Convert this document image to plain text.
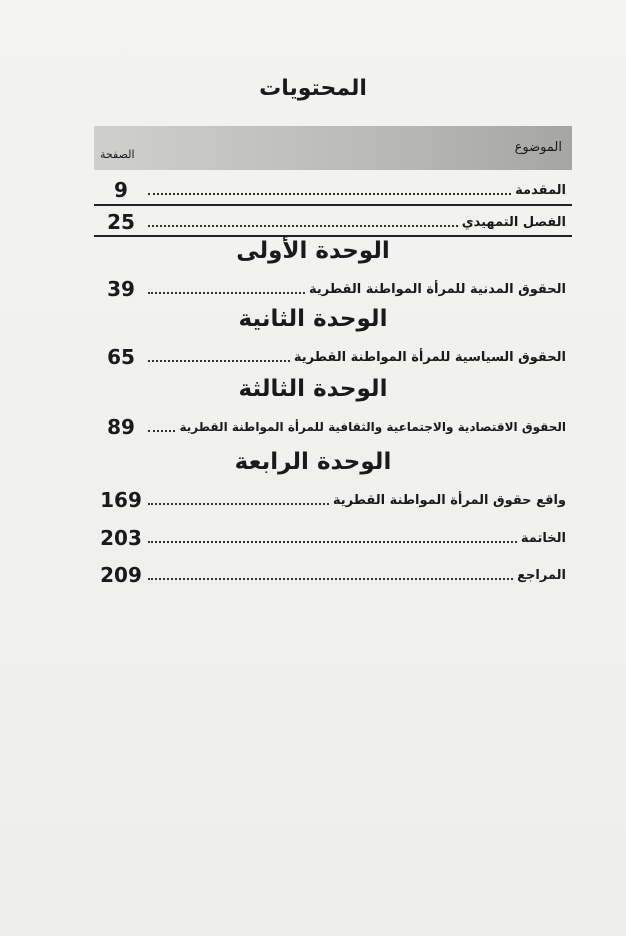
المحتويات
الموضوع
الصفحة
المقدمة
9
الفصل التمهيدي
25
الوحدة الأولى
الحقوق المدنية للمرأة المواطنة القطرية
39
الوحدة الثانية
الحقوق السياسية للمرأة المواطنة القطرية
65
الوحدة الثالثة
الحقوق الاقتصادية والاجتماعية والثقافية للمرأة المواطنة القطرية
89
الوحدة الرابعة
واقع حقوق المرأة المواطنة القطرية
169
الخاتمة
203
المراجع
209
